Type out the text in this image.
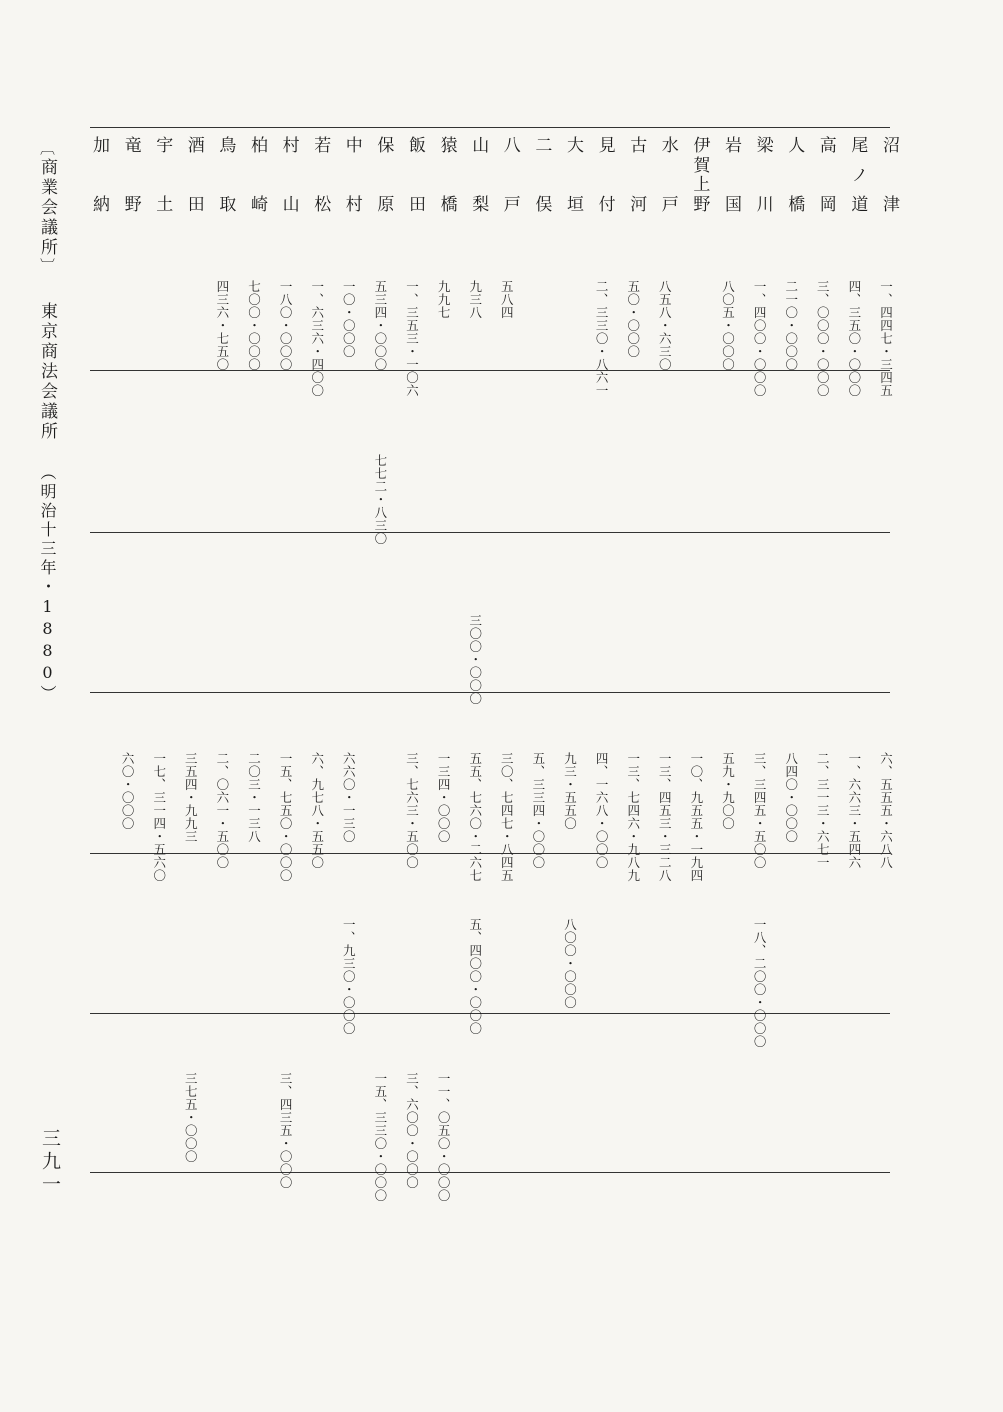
〔商業会議所〕東京商法会議所（明治十三年・1880）
三九一
沼
津
一、四四七・三四五
六、五五五・六八八
尾
ノ
道
四、三五〇・〇〇〇
一、六六三・五四六
高
岡
三、〇〇〇・〇〇〇
二、三一三・六七一
人
橋
二一〇・〇〇〇
八四〇・〇〇〇
梁
川
一、四〇〇・〇〇〇
三、三四五・五〇〇
一八、二〇〇・〇〇〇
岩
国
八〇五・〇〇〇
五九・九〇〇
伊
賀
上
野
一〇、九五五・一九四
水
戸
八五八・六三〇
一三、四五三・三二八
古
河
五〇・〇〇〇
一三、七四六・九八九
見
付
二、三三〇・八六一
四、一六八・〇〇〇
大
垣
九三・五五〇
八〇〇・〇〇〇
二
俣
五、三三四・〇〇〇
八
戸
五八四
三〇、七四七・八四五
山
梨
九三八
三〇〇・〇〇〇
五五、七六〇・二六七
五、四〇〇・〇〇〇
猿
橋
九九七
一三四・〇〇〇
一一、〇五〇・〇〇〇
飯
田
一、三五三・一〇六
三、七六三・五〇〇
三、六〇〇・〇〇〇
保
原
五三四・〇〇〇
七七二・八三〇
一五、三三〇・〇〇〇
中
村
一〇・〇〇〇
六六〇・一三〇
一、九三〇・〇〇〇
若
松
一、六三六・四〇〇
六、九七八・五五〇
村
山
一八〇・〇〇〇
一五、七五〇・〇〇〇
三、四三五・〇〇〇
柏
崎
七〇〇・〇〇〇
二〇三・一三八
鳥
取
四三六・七五〇
二、〇六一・五〇〇
酒
田
三五四・九九三
三七五・〇〇〇
宇
土
一七、三一四・五六〇
竜
野
六〇・〇〇〇
加
納
